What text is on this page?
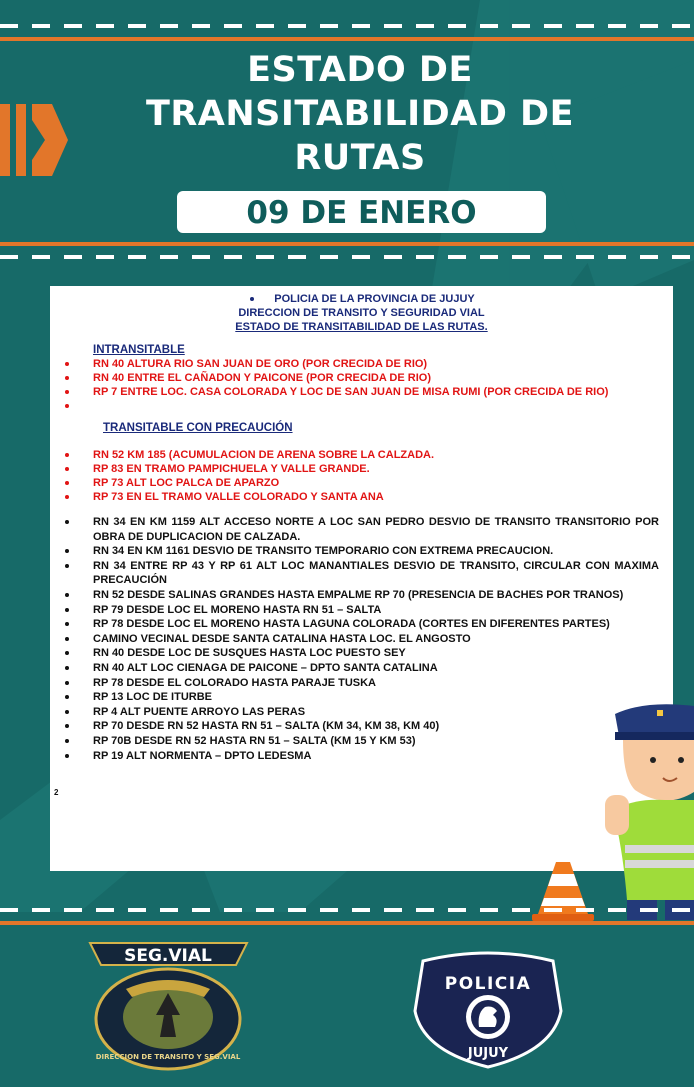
ESTADO DE
TRANSITABILIDAD DE
RUTAS
09 DE ENERO
POLICIA DE LA PROVINCIA DE JUJUY
DIRECCION DE TRANSITO Y SEGURIDAD VIAL
ESTADO DE TRANSITABILIDAD DE LAS RUTAS.
INTRANSITABLE
RN 40 ALTURA RIO SAN JUAN DE ORO (POR CRECIDA DE RIO)
RN 40 ENTRE EL CAÑADON Y PAICONE (POR CRECIDA DE RIO)
RP 7 ENTRE LOC. CASA COLORADA Y LOC DE SAN JUAN DE MISA RUMI (POR CRECIDA DE RIO)
TRANSITABLE CON PRECAUCIÓN
RN 52 KM 185 (ACUMULACION DE ARENA SOBRE LA CALZADA.
RP 83 EN TRAMO PAMPICHUELA Y VALLE GRANDE.
RP 73 ALT LOC PALCA DE APARZO
RP 73 EN EL TRAMO VALLE COLORADO Y SANTA ANA
RN 34 EN KM 1159 ALT ACCESO NORTE A LOC SAN PEDRO DESVIO DE TRANSITO TRANSITORIO POR OBRA DE DUPLICACION DE CALZADA.
RN 34 EN KM 1161 DESVIO DE TRANSITO TEMPORARIO CON EXTREMA PRECAUCION.
RN 34 ENTRE RP 43 Y RP 61 ALT LOC MANANTIALES DESVIO DE TRANSITO, CIRCULAR CON MAXIMA PRECAUCIÓN
RN 52 DESDE SALINAS GRANDES HASTA EMPALME RP 70 (PRESENCIA DE BACHES POR TRANOS)
RP 79 DESDE LOC EL MORENO HASTA RN 51 – SALTA
RP 78 DESDE LOC EL MORENO HASTA LAGUNA COLORADA (CORTES EN DIFERENTES PARTES)
CAMINO VECINAL DESDE SANTA CATALINA HASTA LOC. EL ANGOSTO
RN 40 DESDE LOC DE SUSQUES HASTA LOC PUESTO SEY
RN 40 ALT LOC CIENAGA DE PAICONE – DPTO SANTA CATALINA
RP 78 DESDE EL COLORADO HASTA PARAJE TUSKA
RP 13 LOC DE ITURBE
RP 4 ALT PUENTE ARROYO LAS PERAS
RP 70 DESDE RN 52 HASTA RN 51 – SALTA (KM 34, KM 38, KM 40)
RP 70B DESDE RN 52 HASTA RN 51 – SALTA (KM 15 Y KM 53)
RP 19 ALT NORMENTA – DPTO LEDESMA
2
SEG.VIAL
DIRECCION DE TRANSITO Y SEG.VIAL
POLICIA
JUJUY
